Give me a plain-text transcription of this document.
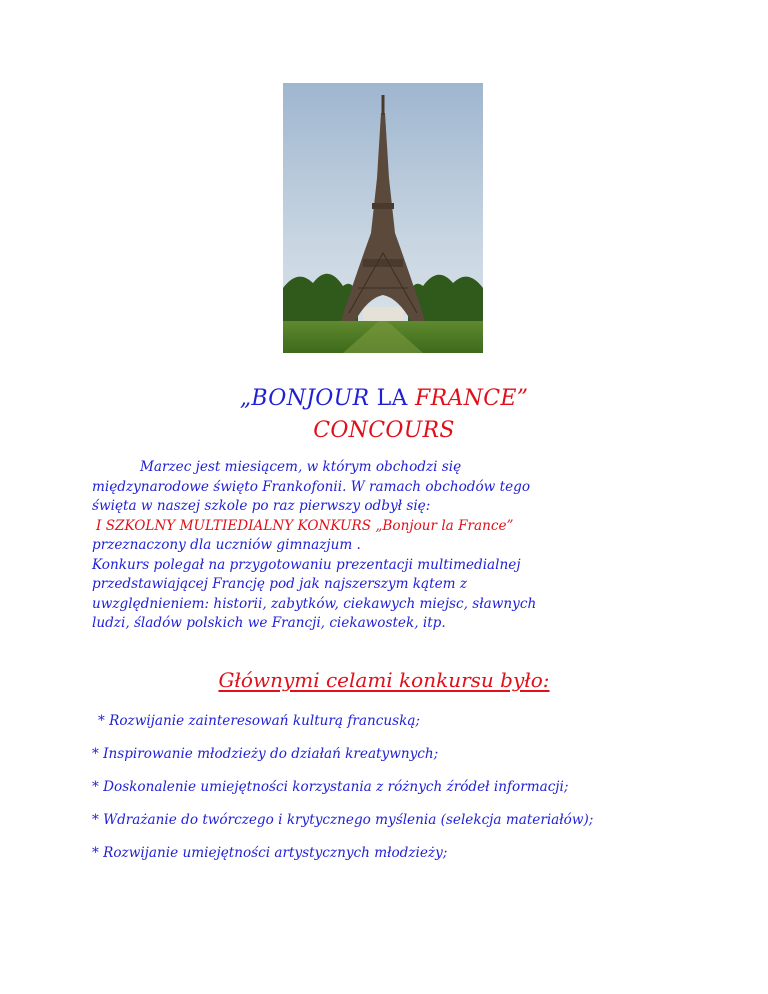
„BONJOUR LA FRANCE”
CONCOURS
Marzec jest miesiącem, w którym obchodzi się
międzynarodowe święto Frankofonii. W ramach obchodów tego
święta w naszej szkole po raz pierwszy odbył się:
I SZKOLNY MULTIEDIALNY KONKURS „Bonjour la France”
przeznaczony dla uczniów gimnazjum .
Konkurs polegał na przygotowaniu prezentacji multimedialnej
przedstawiającej Francję pod jak najszerszym kątem z
uwzględnieniem: historii, zabytków, ciekawych miejsc, sławnych
ludzi, śladów polskich we Francji, ciekawostek, itp.
Głównymi celami konkursu było:
* Rozwijanie zainteresowań kulturą francuską;
* Inspirowanie młodzieży do działań kreatywnych;
* Doskonalenie umiejętności korzystania z różnych źródeł informacji;
* Wdrażanie do twórczego i krytycznego myślenia (selekcja materiałów);
* Rozwijanie umiejętności artystycznych młodzieży;
